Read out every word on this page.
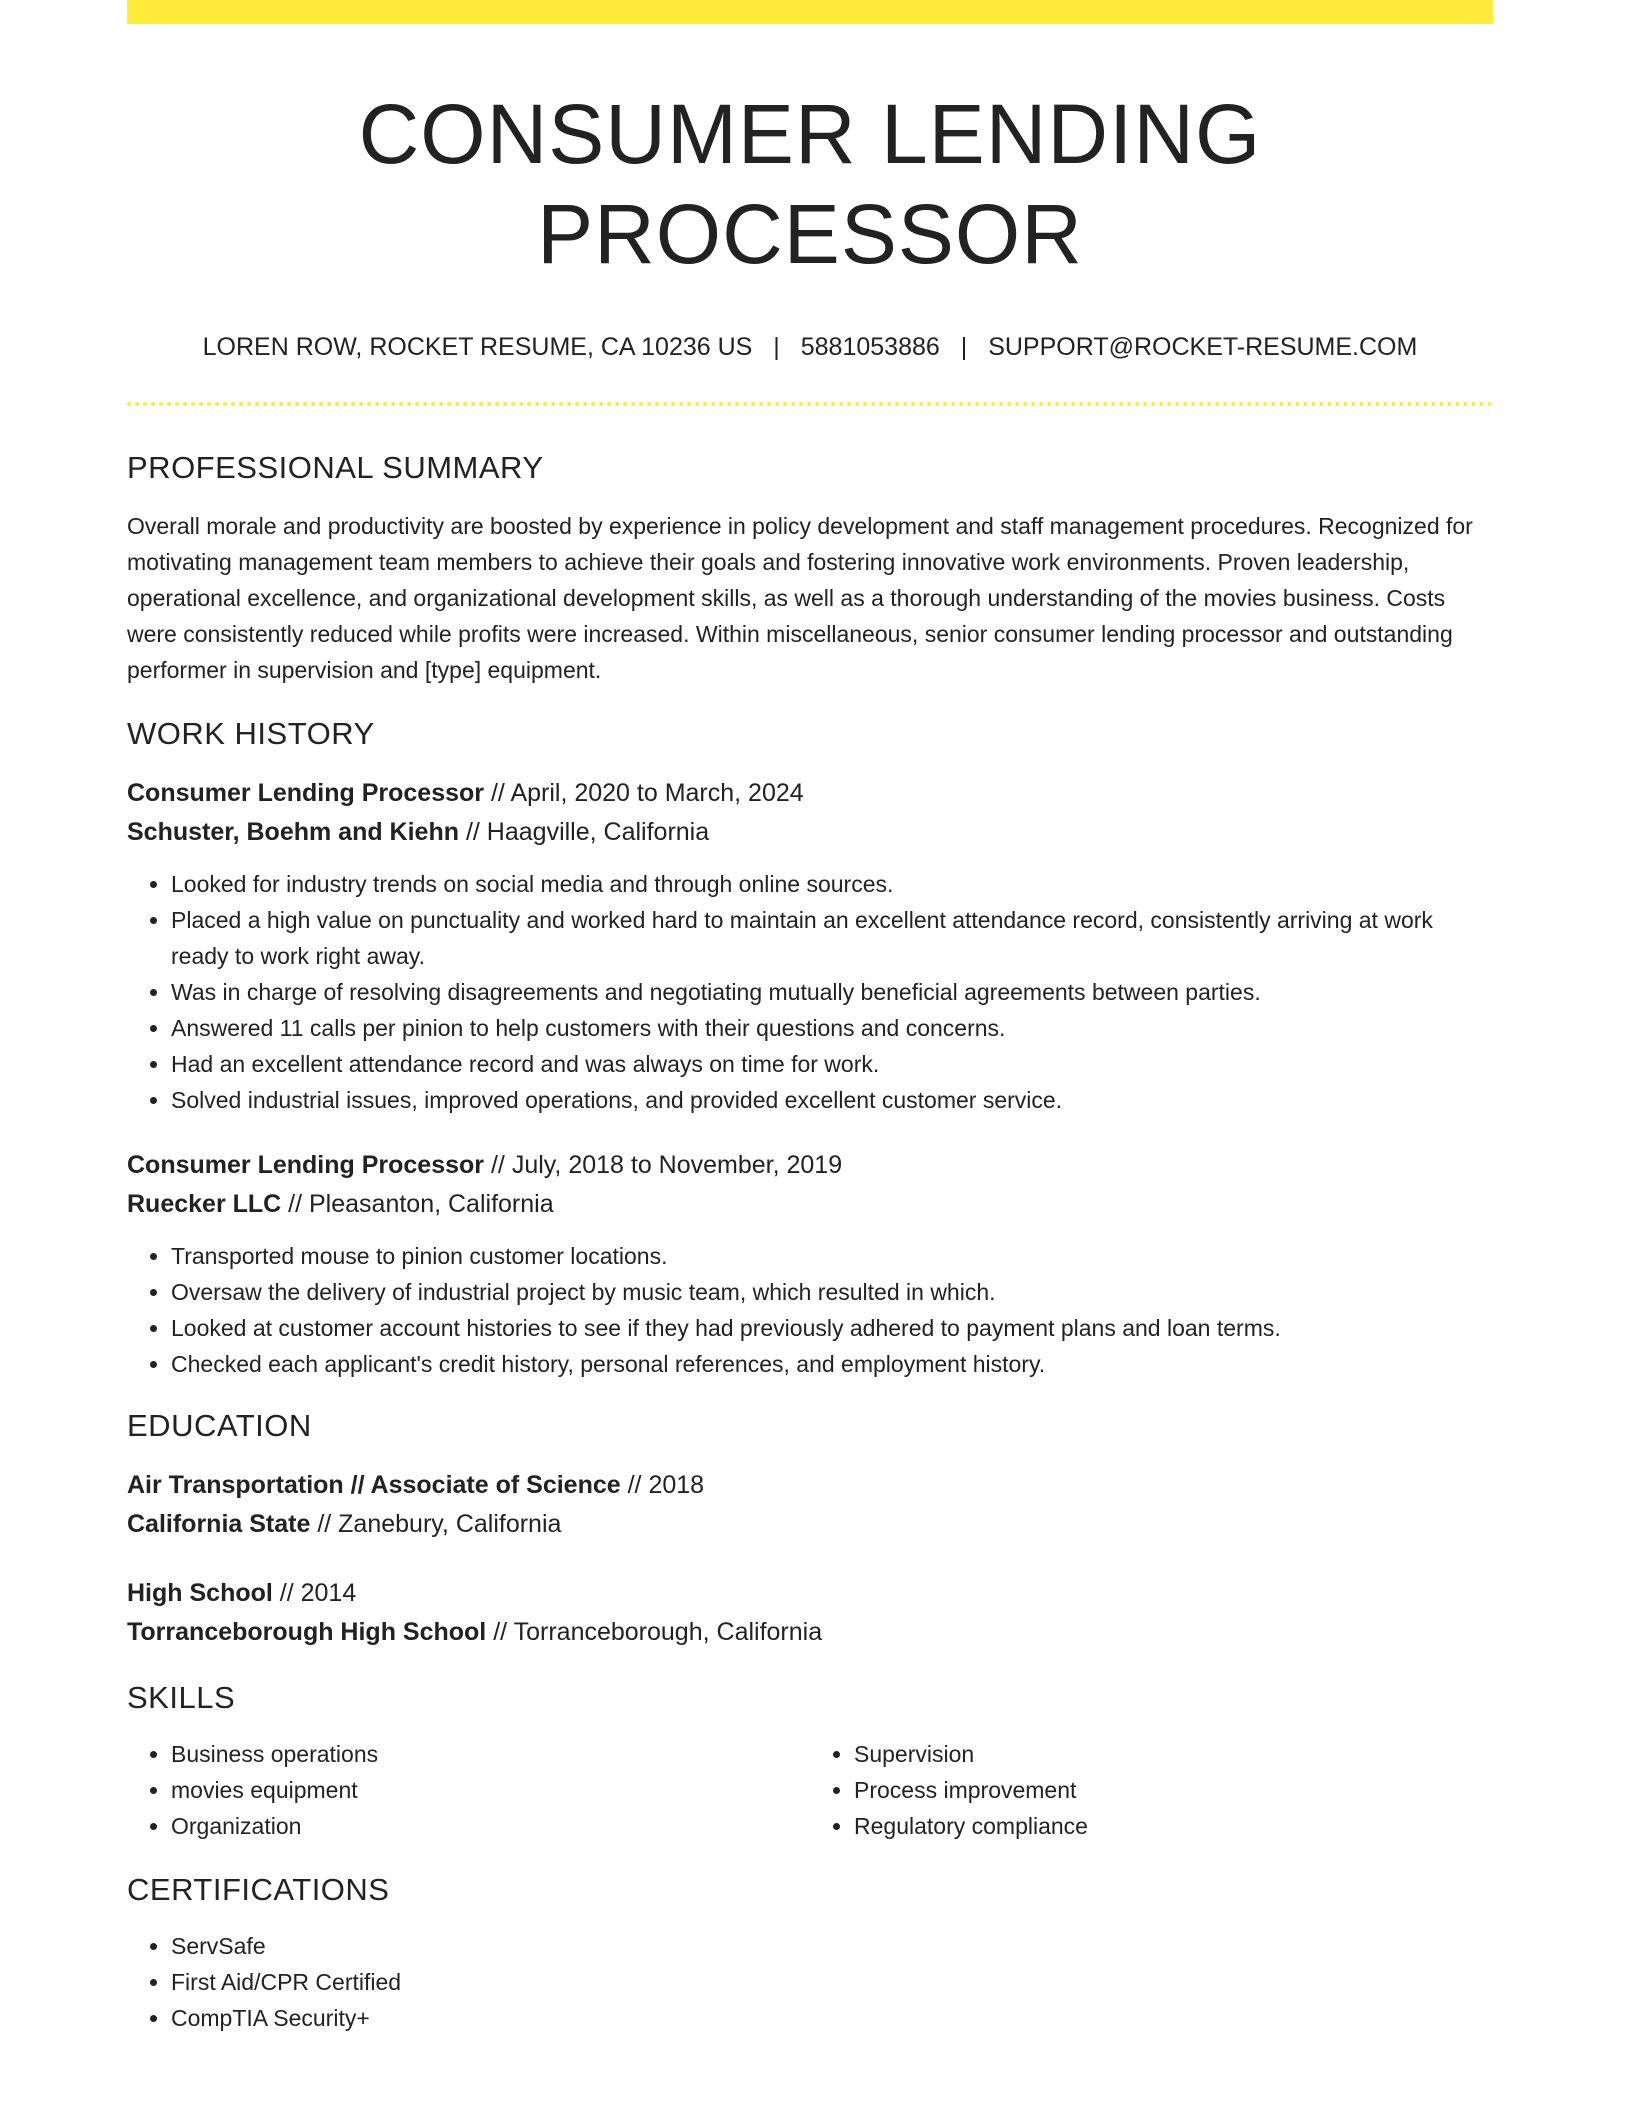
CONSUMER LENDING PROCESSOR
LOREN ROW, ROCKET RESUME, CA 10236 US | 5881053886 | SUPPORT@ROCKET-RESUME.COM
PROFESSIONAL SUMMARY
Overall morale and productivity are boosted by experience in policy development and staff management procedures. Recognized for motivating management team members to achieve their goals and fostering innovative work environments. Proven leadership, operational excellence, and organizational development skills, as well as a thorough understanding of the movies business. Costs were consistently reduced while profits were increased. Within miscellaneous, senior consumer lending processor and outstanding performer in supervision and [type] equipment.
WORK HISTORY
Consumer Lending Processor // April, 2020 to March, 2024
Schuster, Boehm and Kiehn // Haagville, California
• Looked for industry trends on social media and through online sources.
• Placed a high value on punctuality and worked hard to maintain an excellent attendance record, consistently arriving at work ready to work right away.
• Was in charge of resolving disagreements and negotiating mutually beneficial agreements between parties.
• Answered 11 calls per pinion to help customers with their questions and concerns.
• Had an excellent attendance record and was always on time for work.
• Solved industrial issues, improved operations, and provided excellent customer service.
Consumer Lending Processor // July, 2018 to November, 2019
Ruecker LLC // Pleasanton, California
• Transported mouse to pinion customer locations.
• Oversaw the delivery of industrial project by music team, which resulted in which.
• Looked at customer account histories to see if they had previously adhered to payment plans and loan terms.
• Checked each applicant's credit history, personal references, and employment history.
EDUCATION
Air Transportation // Associate of Science // 2018
California State // Zanebury, California
High School // 2014
Torranceborough High School // Torranceborough, California
SKILLS
• Business operations
• movies equipment
• Organization
• Supervision
• Process improvement
• Regulatory compliance
CERTIFICATIONS
• ServSafe
• First Aid/CPR Certified
• CompTIA Security+
